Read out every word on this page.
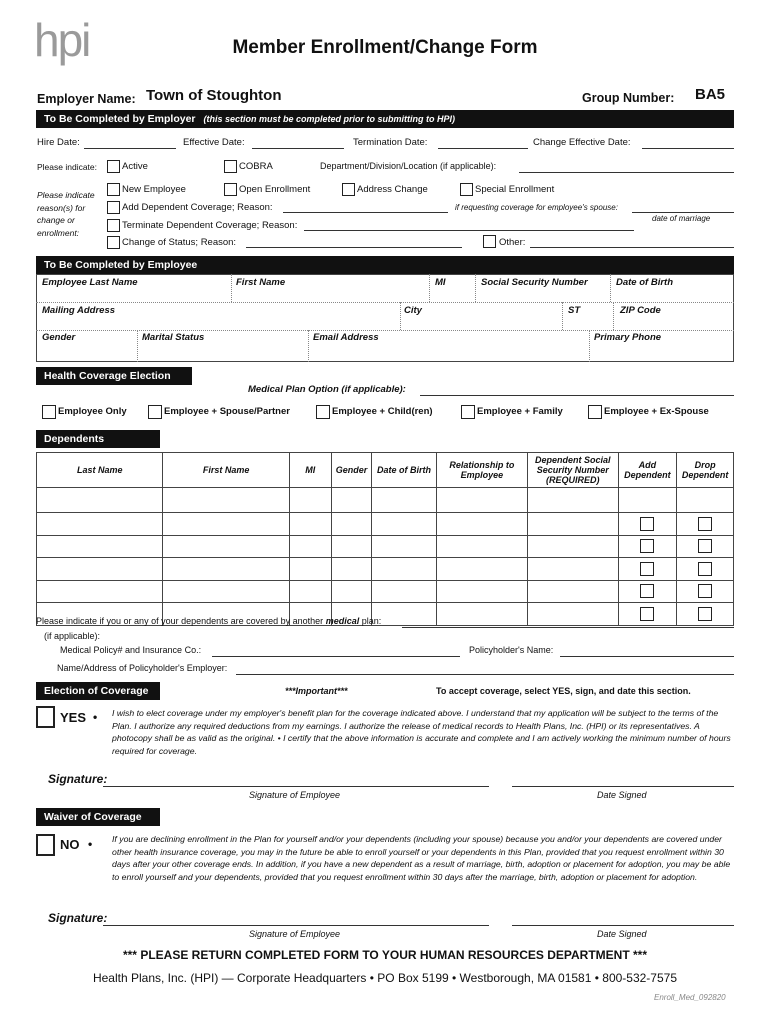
hpi	Member Enrollment/Change Form
Employer Name: Town of Stoughton	Group Number: BA5
To Be Completed by Employer (this section must be completed prior to submitting to HPI)
Hire Date:	Effective Date:	Termination Date:	Change Effective Date:
Please indicate:	Active	COBRA	Department/Division/Location (if applicable):
Please indicate reason(s) for change or enrollment:
New Employee	Open Enrollment	Address Change	Special Enrollment
Add Dependent Coverage; Reason:	if requesting coverage for employee's spouse:
date of marriage
Terminate Dependent Coverage; Reason:
Change of Status; Reason:	Other:
To Be Completed by Employee
Employee Last Name	First Name	MI	Social Security Number	Date of Birth
Mailing Address	City	ST	ZIP Code
Gender	Marital Status	Email Address	Primary Phone
Health Coverage Election
Medical Plan Option (if applicable):
Employee Only	Employee + Spouse/Partner	Employee + Child(ren)	Employee + Family	Employee + Ex-Spouse
Dependents
Last Name	First Name	MI	Gender	Date of Birth	Relationship to Employee	Dependent Social Security Number (REQUIRED)	Add Dependent	Drop Dependent

Please indicate if you or any of your dependents are covered by another medical plan:
(if applicable):
Medical Policy# and Insurance Co.:	Policyholder's Name:
Name/Address of Policyholder's Employer:
Election of Coverage	***Important***	To accept coverage, select YES, sign, and date this section.
YES • I wish to elect coverage under my employer's benefit plan for the coverage indicated above. I understand that my application will be subject to the terms of the Plan. I authorize any required deductions from my earnings. I authorize the release of medical records to Health Plans, Inc. (HPI) or its representatives. A photocopy shall be as valid as the original. • I certify that the above information is accurate and complete and I am actively working the minimum number of hours required for coverage.
Signature:
Signature of Employee	Date Signed
Waiver of Coverage
NO • If you are declining enrollment in the Plan for yourself and/or your dependents (including your spouse) because you and/or your dependents are covered under other health insurance coverage, you may in the future be able to enroll yourself or your dependents in this Plan, provided that you request enrollment within 30 days after your other coverage ends. In addition, if you have a new dependent as a result of marriage, birth, adoption or placement for adoption, you may be able to enroll yourself and your dependents, provided that you request enrollment within 30 days after the marriage, birth, adoption or placement for adoption.
Signature:
Signature of Employee	Date Signed
*** PLEASE RETURN COMPLETED FORM TO YOUR HUMAN RESOURCES DEPARTMENT ***
Health Plans, Inc. (HPI) — Corporate Headquarters • PO Box 5199 • Westborough, MA 01581 • 800-532-7575
Enroll_Med_092820
